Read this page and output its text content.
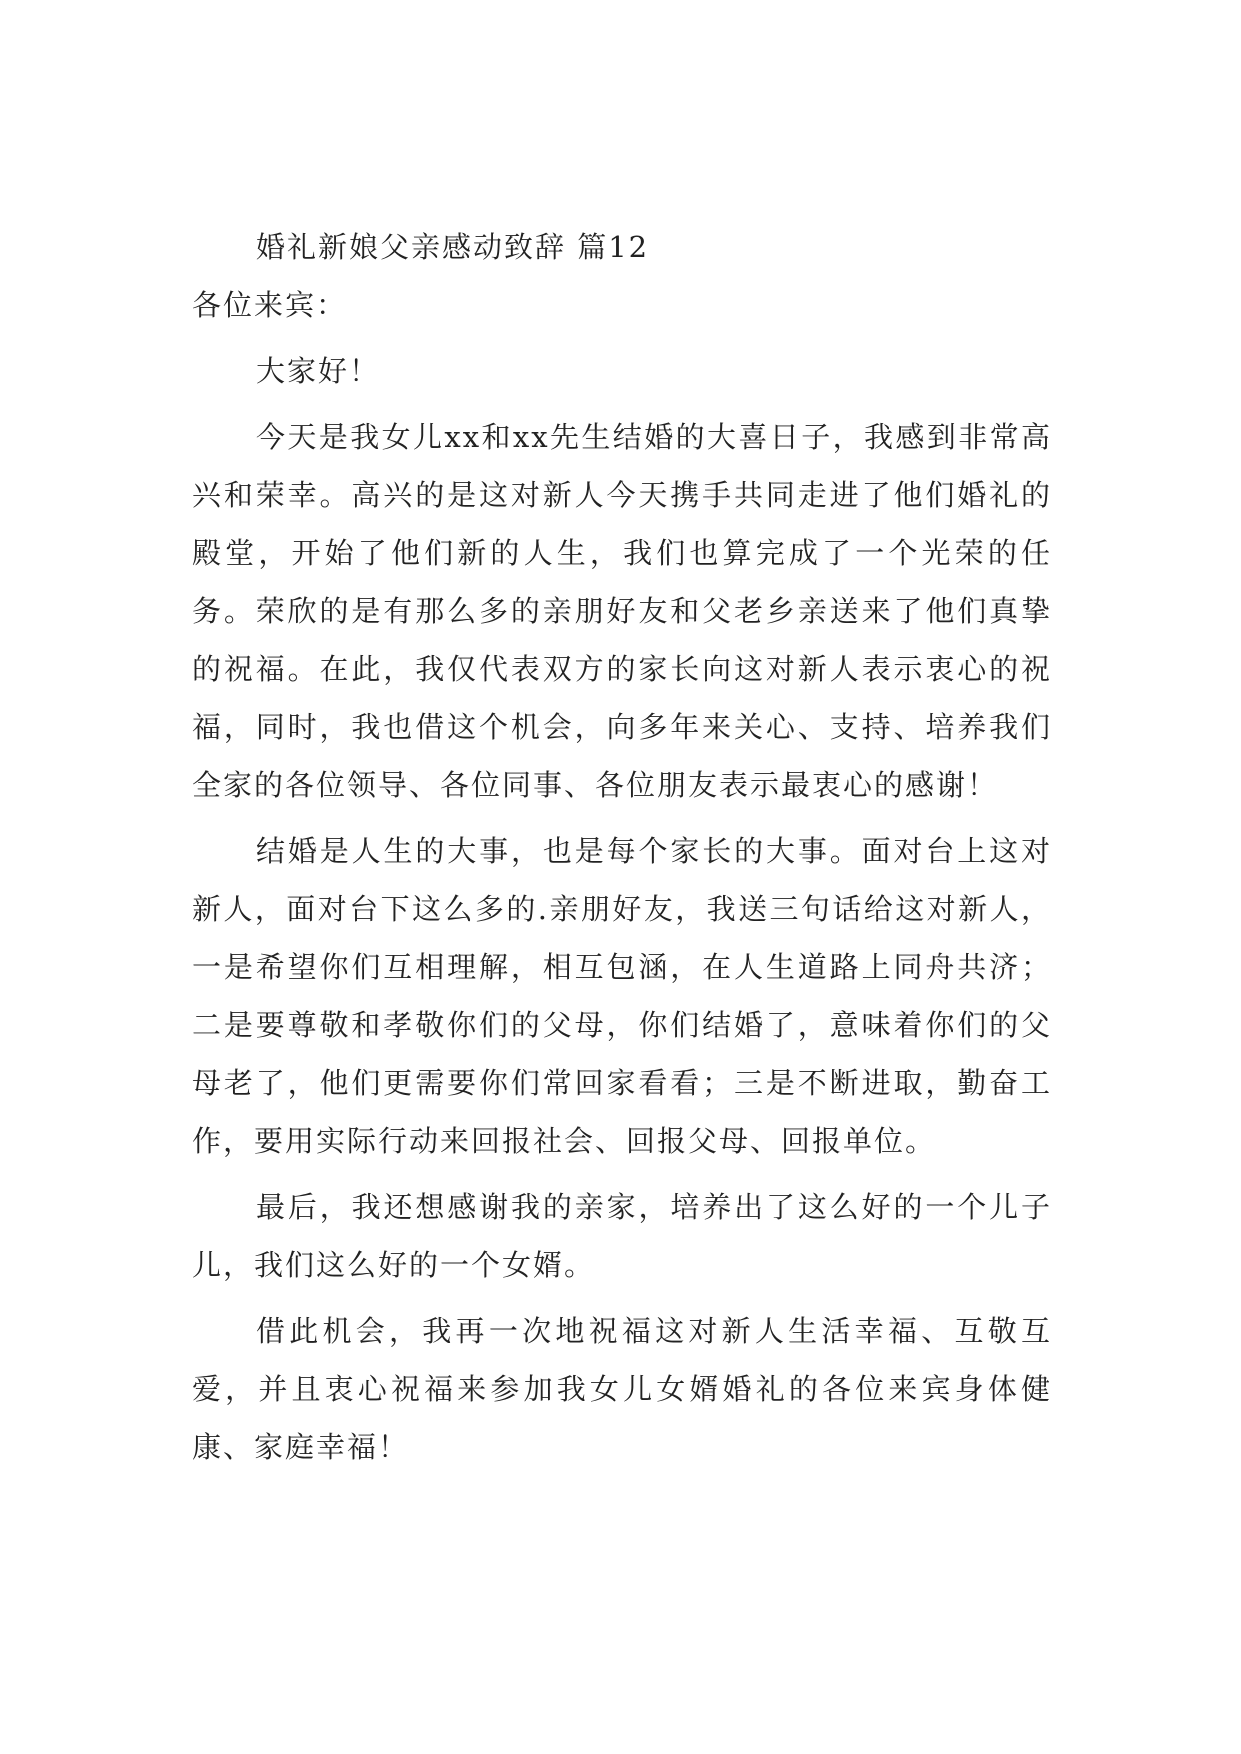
婚礼新娘父亲感动致辞 篇12

各位来宾：

大家好！

今天是我女儿xx和xx先生结婚的大喜日子，我感到非常高兴和荣幸。高兴的是这对新人今天携手共同走进了他们婚礼的殿堂，开始了他们新的人生，我们也算完成了一个光荣的任务。荣欣的是有那么多的亲朋好友和父老乡亲送来了他们真挚的祝福。在此，我仅代表双方的家长向这对新人表示衷心的祝福，同时，我也借这个机会，向多年来关心、支持、培养我们全家的各位领导、各位同事、各位朋友表示最衷心的感谢！

结婚是人生的大事，也是每个家长的大事。面对台上这对新人，面对台下这么多的.亲朋好友，我送三句话给这对新人，一是希望你们互相理解，相互包涵，在人生道路上同舟共济；二是要尊敬和孝敬你们的父母，你们结婚了，意味着你们的父母老了，他们更需要你们常回家看看；三是不断进取，勤奋工作，要用实际行动来回报社会、回报父母、回报单位。

最后，我还想感谢我的亲家，培养出了这么好的一个儿子儿，我们这么好的一个女婿。

借此机会，我再一次地祝福这对新人生活幸福、互敬互爱，并且衷心祝福来参加我女儿女婿婚礼的各位来宾身体健康、家庭幸福！
